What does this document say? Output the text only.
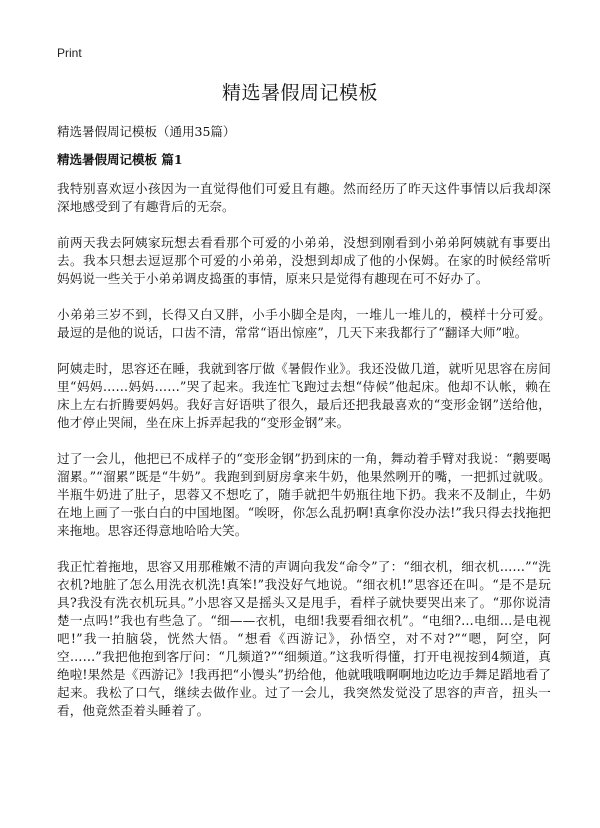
Print
精选暑假周记模板

精选暑假周记模板（通用35篇）

精选暑假周记模板 篇1

我特别喜欢逗小孩因为一直觉得他们可爱且有趣。然而经历了昨天这件事情以后我却深深地感受到了有趣背后的无奈。

前两天我去阿姨家玩想去看看那个可爱的小弟弟，没想到刚看到小弟弟阿姨就有事要出去。我本只想去逗逗那个可爱的小弟弟，没想到却成了他的小保姆。在家的时候经常听妈妈说一些关于小弟弟调皮捣蛋的事情，原来只是觉得有趣现在可不好办了。

小弟弟三岁不到，长得又白又胖，小手小脚全是肉，一堆儿一堆儿的，模样十分可爱。最逗的是他的说话，口齿不清，常常“语出惊座”，几天下来我都行了“翻译大师”啦。

阿姨走时，思容还在睡，我就到客厅做《暑假作业》。我还没做几道，就听见思容在房间里“妈妈……妈妈……”哭了起来。我连忙飞跑过去想“侍候”他起床。他却不认帐，赖在床上左右折腾要妈妈。我好言好语哄了很久，最后还把我最喜欢的“变形金钢”送给他，他才停止哭闹，坐在床上拆弄起我的“变形金钢”来。

过了一会儿，他把已不成样子的“变形金钢”扔到床的一角，舞动着手臂对我说：“鹅要喝溜累。”“溜累”既是“牛奶”。我跑到到厨房拿来牛奶，他果然咧开的嘴，一把抓过就吸。半瓶牛奶进了肚子，思蓉又不想吃了，随手就把牛奶瓶往地下扔。我来不及制止，牛奶在地上画了一张白白的中国地图。“唉呀，你怎么乱扔啊!真拿你没办法!”我只得去找拖把来拖地。思容还得意地哈哈大笑。

我正忙着拖地，思容又用那稚嫩不清的声调向我发“命令”了：“细衣机，细衣机……”“洗衣机?地脏了怎么用洗衣机洗!真笨!”我没好气地说。“细衣机!”思容还在叫。“是不是玩具?我没有洗衣机玩具。”小思容又是摇头又是甩手，看样子就快要哭出来了。“那你说清楚一点吗!”我也有些急了。“细——衣机，电细!我要看细衣机”。“电细?…电细…是电视吧!”我一拍脑袋，恍然大悟。“想看《西游记》，孙悟空，对不对?”“嗯，阿空，阿空……”我把他抱到客厅问：“几频道?”“细频道。”这我听得懂，打开电视按到4频道，真绝啦!果然是《西游记》!我再把“小馒头”扔给他，他就哦哦啊啊地边吃边手舞足蹈地看了起来。我松了口气，继续去做作业。过了一会儿，我突然发觉没了思容的声音，扭头一看，他竟然歪着头睡着了。
